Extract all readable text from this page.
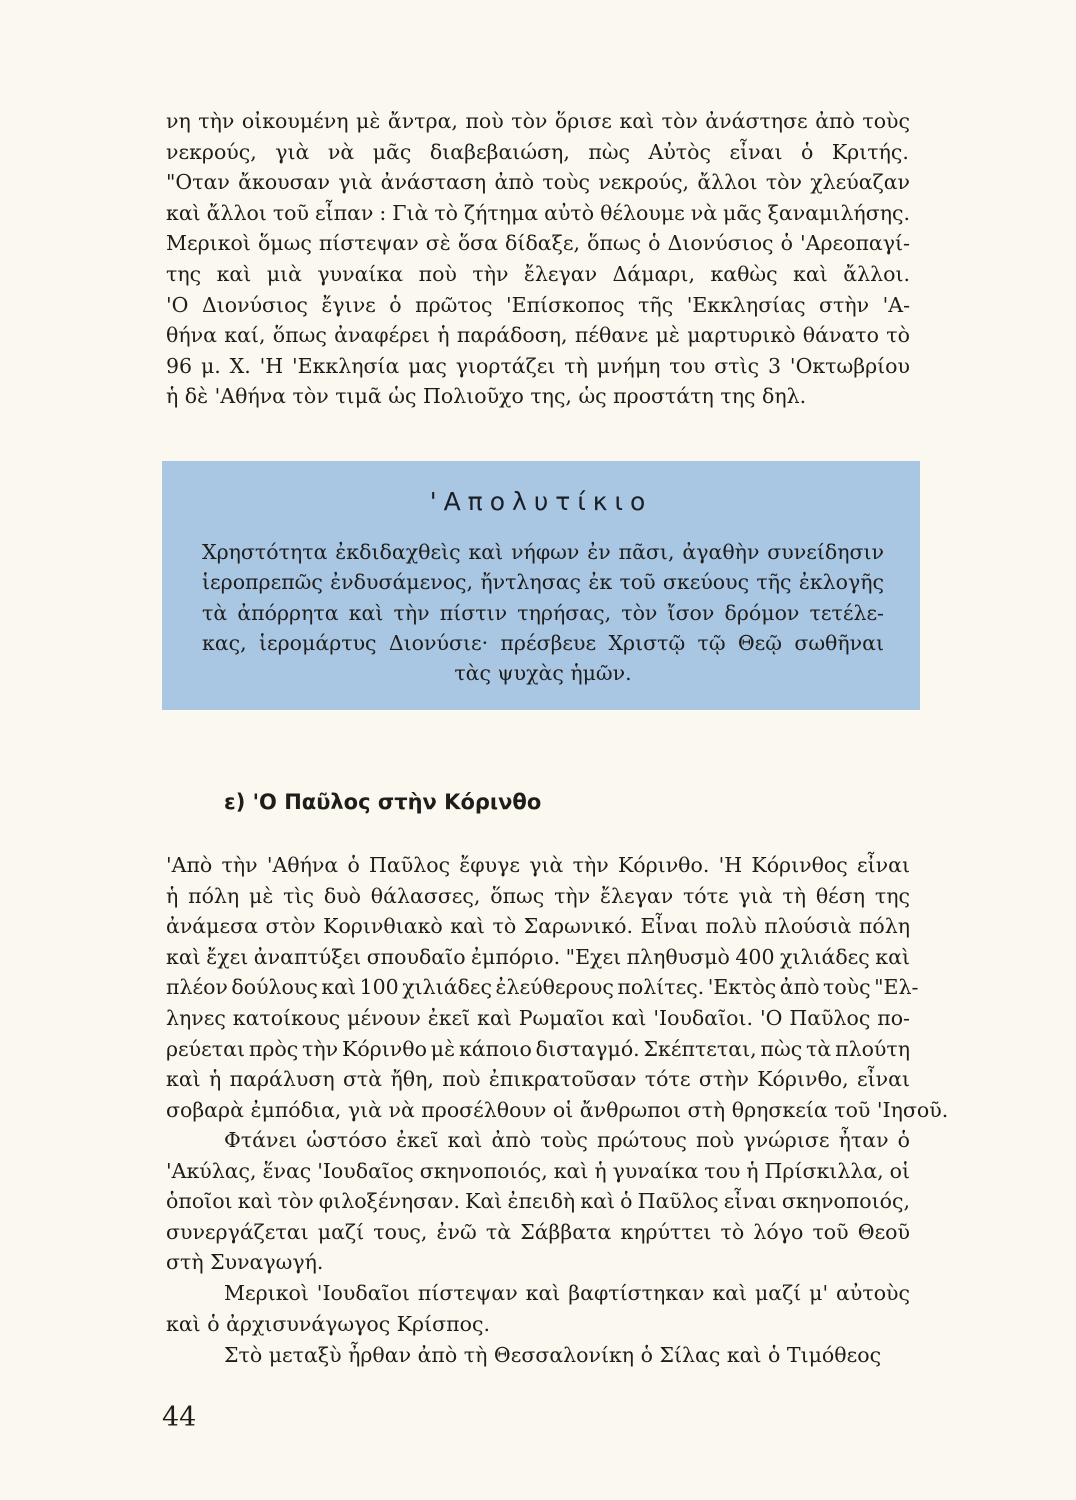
νη τὴν οἰκουμένη μὲ ἄντρα, ποὺ τὸν ὅρισε καὶ τὸν ἀνάστησε ἀπὸ τοὺς
νεκρούς, γιὰ νὰ μᾶς διαβεβαιώση, πὼς Αὐτὸς εἶναι ὁ Κριτής.
"Οταν ἄκουσαν γιὰ ἀνάσταση ἀπὸ τοὺς νεκρούς, ἄλλοι τὸν χλεύαζαν
καὶ ἄλλοι τοῦ εἶπαν : Γιὰ τὸ ζήτημα αὐτὸ θέλουμε νὰ μᾶς ξαναμιλήσης.
Μερικοὶ ὅμως πίστεψαν σὲ ὅσα δίδαξε, ὅπως ὁ Διονύσιος ὁ 'Αρεοπαγί-
της καὶ μιὰ γυναίκα ποὺ τὴν ἔλεγαν Δάμαρι, καθὼς καὶ ἄλλοι.
'Ο Διονύσιος ἔγινε ὁ πρῶτος 'Επίσκοπος τῆς 'Εκκλησίας στὴν 'Α-
θήνα καί, ὅπως ἀναφέρει ἡ παράδοση, πέθανε μὲ μαρτυρικὸ θάνατο τὸ
96 μ. Χ. 'Η 'Εκκλησία μας γιορτάζει τὴ μνήμη του στὶς 3 'Οκτωβρίου
ἡ δὲ 'Αθήνα τὸν τιμᾶ ὡς Πολιοῦχο της, ὡς προστάτη της δηλ.
'Απολυτίκιο
Χρηστότητα ἐκδιδαχθεὶς καὶ νήφων ἐν πᾶσι, ἀγαθὴν συνείδησιν
ἱεροπρεπῶς ἐνδυσάμενος, ἤντλησας ἐκ τοῦ σκεύους τῆς ἐκλογῆς
τὰ ἀπόρρητα καὶ τὴν πίστιν τηρήσας, τὸν ἴσον δρόμον τετέλε-
κας, ἱερομάρτυς Διονύσιε· πρέσβευε Χριστῷ τῷ Θεῷ σωθῆναι
τὰς ψυχὰς ἡμῶν.
ε) 'Ο Παῦλος στὴν Κόρινθο
'Απὸ τὴν 'Αθήνα ὁ Παῦλος ἔφυγε γιὰ τὴν Κόρινθο. 'Η Κόρινθος εἶναι
ἡ πόλη μὲ τὶς δυὸ θάλασσες, ὅπως τὴν ἔλεγαν τότε γιὰ τὴ θέση της
ἀνάμεσα στὸν Κορινθιακὸ καὶ τὸ Σαρωνικό. Εἶναι πολὺ πλούσιὰ πόλη
καὶ ἔχει ἀναπτύξει σπουδαῖο ἐμπόριο. "Εχει πληθυσμὸ 400 χιλιάδες καὶ
πλέον δούλους καὶ 100 χιλιάδες ἐλεύθερους πολίτες. 'Εκτὸς ἀπὸ τοὺς "Ελ-
ληνες κατοίκους μένουν ἐκεῖ καὶ Ρωμαῖοι καὶ 'Ιουδαῖοι. 'Ο Παῦλος πο-
ρεύεται πρὸς τὴν Κόρινθο μὲ κάποιο δισταγμό. Σκέπτεται, πὼς τὰ πλούτη
καὶ ἡ παράλυση στὰ ἤθη, ποὺ ἐπικρατοῦσαν τότε στὴν Κόρινθο, εἶναι
σοβαρὰ ἐμπόδια, γιὰ νὰ προσέλθουν οἱ ἄνθρωποι στὴ θρησκεία τοῦ 'Ιησοῦ.
Φτάνει ὡστόσο ἐκεῖ καὶ ἀπὸ τοὺς πρώτους ποὺ γνώρισε ἦταν ὁ
'Ακύλας, ἕνας 'Ιουδαῖος σκηνοποιός, καὶ ἡ γυναίκα του ἡ Πρίσκιλλα, οἱ
ὁποῖοι καὶ τὸν φιλοξένησαν. Καὶ ἐπειδὴ καὶ ὁ Παῦλος εἶναι σκηνοποιός,
συνεργάζεται μαζί τους, ἐνῶ τὰ Σάββατα κηρύττει τὸ λόγο τοῦ Θεοῦ
στὴ Συναγωγή.
Μερικοὶ 'Ιουδαῖοι πίστεψαν καὶ βαφτίστηκαν καὶ μαζί μ' αὐτοὺς
καὶ ὁ ἀρχισυνάγωγος Κρίσπος.
Στὸ μεταξὺ ἦρθαν ἀπὸ τὴ Θεσσαλονίκη ὁ Σίλας καὶ ὁ Τιμόθεος
44
